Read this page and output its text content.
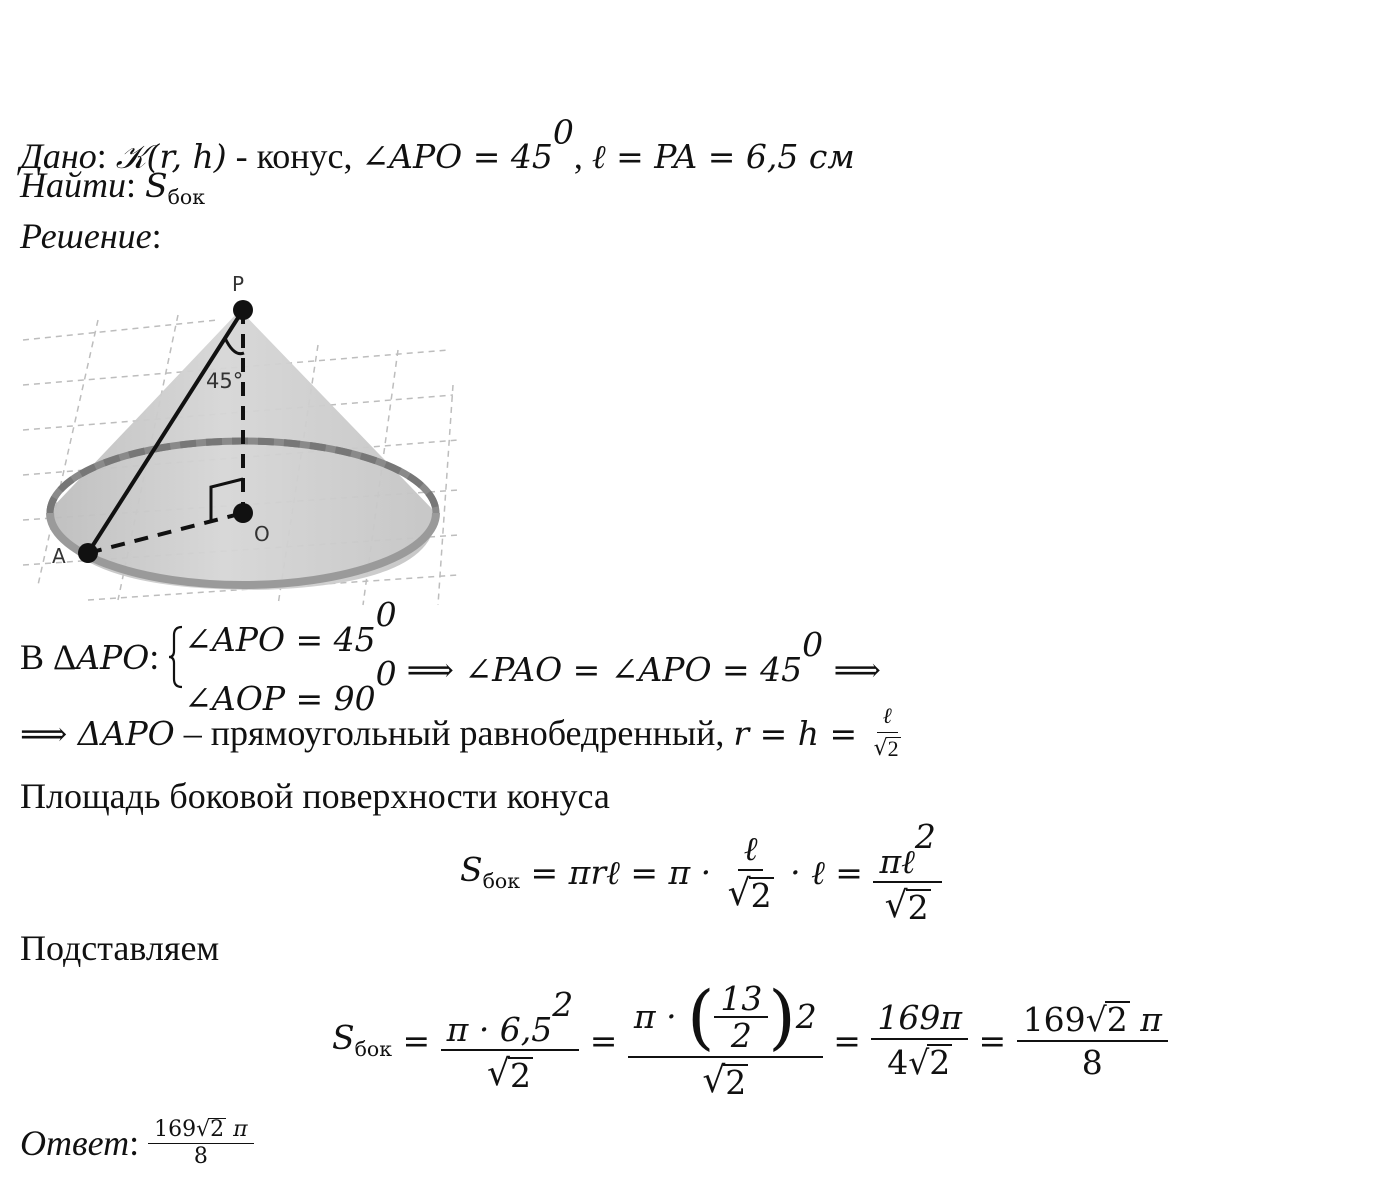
Дано: 𝒦(r, h) - конус, ∠APO = $45^0$, ℓ = PA = 6,5 см
Найти: $S_{бок}$
Решение:
P
O
A
45°
В Δ APO : ∠APO = $45^0$
∠AOP = $90^0$ ⟹ ∠PAO = ∠APO = $45^0$ ⟹
⟹ ΔAPO – прямоугольный равнобедренный, $r = h = \frac{\text{ℓ}}{√ 2}$
Площадь боковой поверхности конуса
$S_{бок}$ = πrℓ = $\pi \cdot \frac{\text{ℓ}}{√ 2}$ · ℓ = $\frac{\pi\ell^2}{√ 2}$
Подставляем
$S_{бок} = \frac{\pi \cdot 6,5^2}{√ 2} = \frac{\pi \cdot ( \frac{13}{2} ) 2}{√ 2} = \frac{169\pi}{4 √ 2} = \frac{169 √ 2 \pi}{8}$
Ответ : $\frac{169 √ 2 \pi}{8}$
